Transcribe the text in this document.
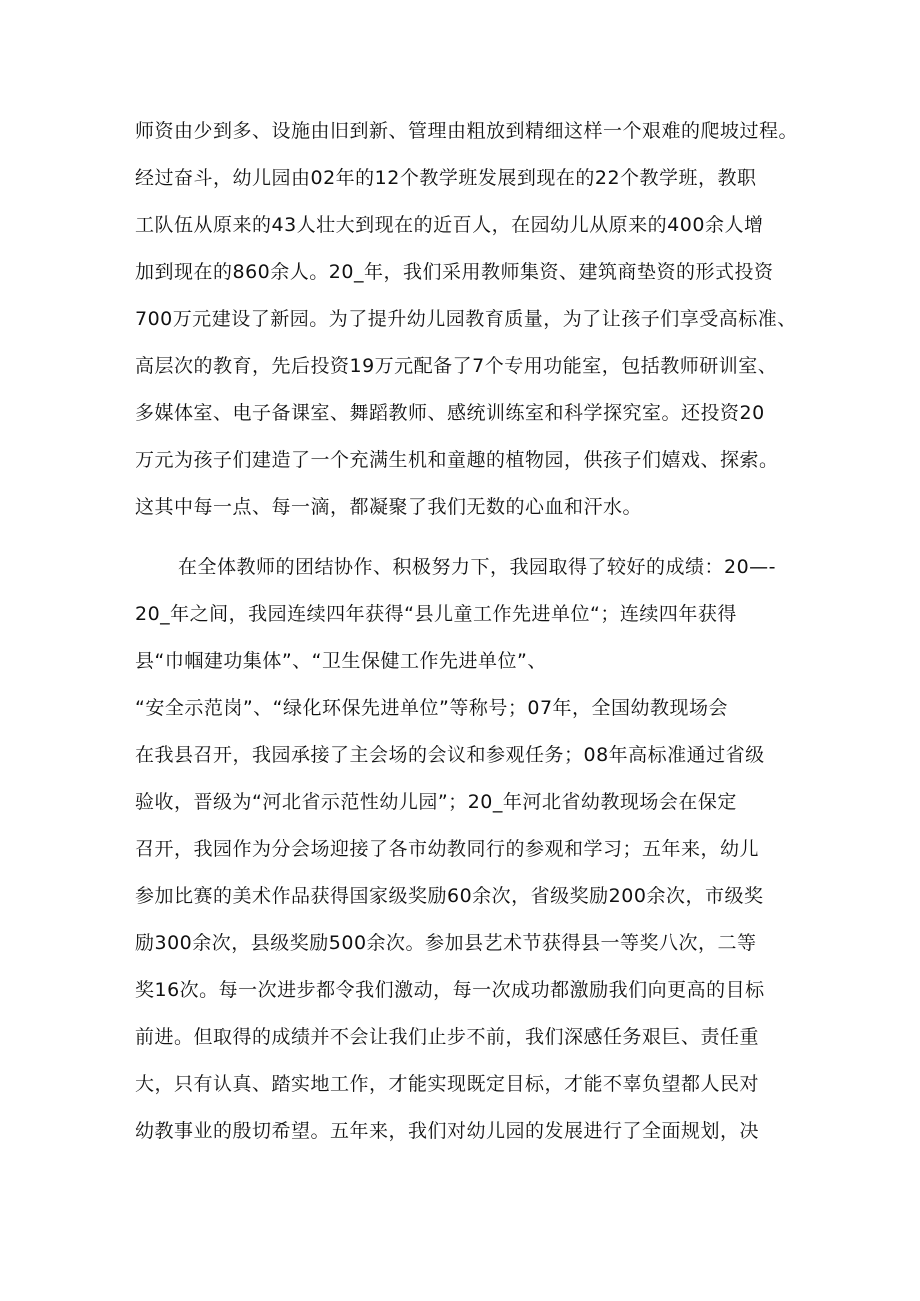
师资由少到多、设施由旧到新、管理由粗放到精细这样一个艰难的爬坡过程。
经过奋斗，幼儿园由02年的12个教学班发展到现在的22个教学班，教职
工队伍从原来的43人壮大到现在的近百人，在园幼儿从原来的400余人增
加到现在的860余人。20_年，我们采用教师集资、建筑商垫资的形式投资
700万元建设了新园。为了提升幼儿园教育质量，为了让孩子们享受高标准、
高层次的教育，先后投资19万元配备了7个专用功能室，包括教师研训室、
多媒体室、电子备课室、舞蹈教师、感统训练室和科学探究室。还投资20
万元为孩子们建造了一个充满生机和童趣的植物园，供孩子们嬉戏、探索。
这其中每一点、每一滴，都凝聚了我们无数的心血和汗水。
在全体教师的团结协作、积极努力下，我园取得了较好的成绩：20—-
20_年之间，我园连续四年获得“县儿童工作先进单位“；连续四年获得
县“巾帼建功集体”、“卫生保健工作先进单位”、
“安全示范岗”、“绿化环保先进单位”等称号；07年，全国幼教现场会
在我县召开，我园承接了主会场的会议和参观任务；08年高标准通过省级
验收，晋级为“河北省示范性幼儿园”；20_年河北省幼教现场会在保定
召开，我园作为分会场迎接了各市幼教同行的参观和学习；五年来，幼儿
参加比赛的美术作品获得国家级奖励60余次，省级奖励200余次，市级奖
励300余次，县级奖励500余次。参加县艺术节获得县一等奖八次，二等
奖16次。每一次进步都令我们激动，每一次成功都激励我们向更高的目标
前进。但取得的成绩并不会让我们止步不前，我们深感任务艰巨、责任重
大，只有认真、踏实地工作，才能实现既定目标，才能不辜负望都人民对
幼教事业的殷切希望。五年来，我们对幼儿园的发展进行了全面规划，决
